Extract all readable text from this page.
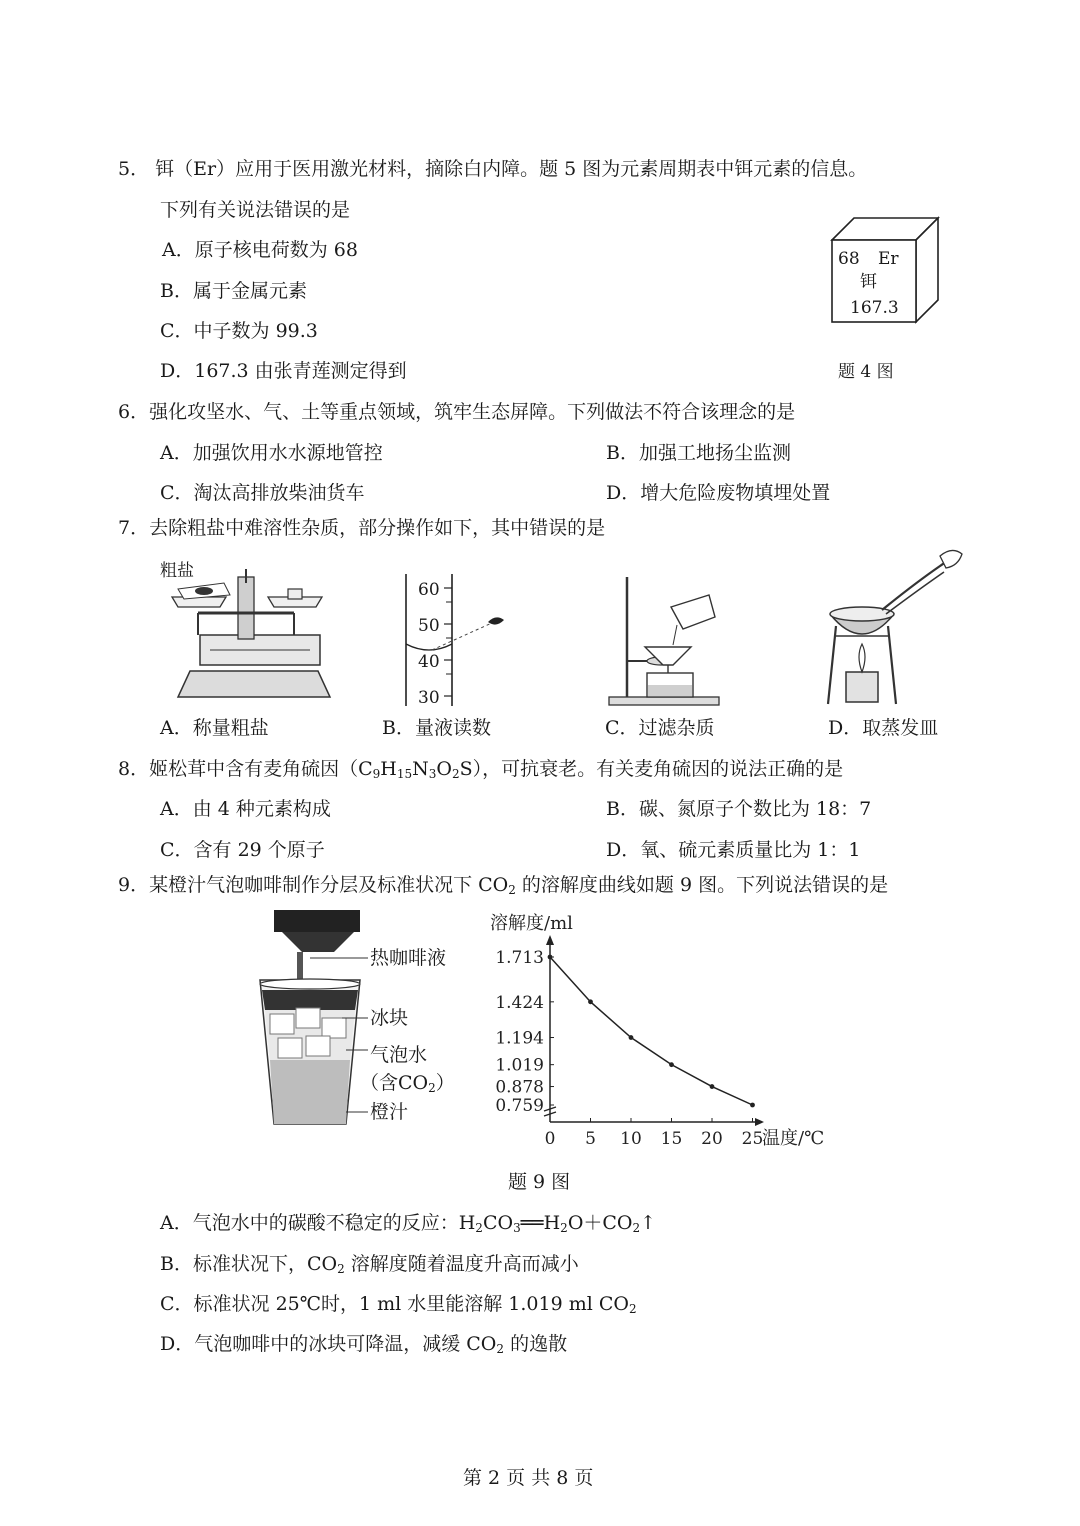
5． 铒（Er）应用于医用激光材料，摘除白内障。题 5 图为元素周期表中铒元素的信息。
下列有关说法错误的是
A．原子核电荷数为 68
B．属于金属元素
C．中子数为 99.3
D．167.3 由张青莲测定得到
68 Er
铒
167.3
题 4 图
6．强化攻坚水、气、土等重点领域，筑牢生态屏障。下列做法不符合该理念的是
A．加强饮用水水源地管控	B．加强工地扬尘监测
C．淘汰高排放柴油货车	D．增大危险废物填埋处置
7．去除粗盐中难溶性杂质，部分操作如下，其中错误的是
粗盐
60
50
40
30
A．称量粗盐	B．量液读数	C．过滤杂质	D．取蒸发皿
8．姬松茸中含有麦角硫因$(C_9H_{15}N_3O_2S)$，可抗衰老。有关麦角硫因的说法正确的是
A．由 4 种元素构成	B．碳、氮原子个数比为 18：7
C．含有 29 个原子	D．氧、硫元素质量比为 1：1
9．某橙汁气泡咖啡制作分层及标准状况下 $CO_2$ 的溶解度曲线如题 9 图。下列说法错误的是
热咖啡液
冰块
气泡水
（含$CO_2$）
橙汁
0 5 10 15 20 25
1.713
1.424
1.194
1.019
0.878
0.759
溶解度/ml
温度/℃
题 9 图
A．气泡水中的碳酸不稳定的反应：$H_2CO_3══H_2O+CO_2↑$
B．标准状况下，$CO_2$ 溶解度随着温度升高而减小
C．标准状况 25℃时，1 ml 水里能溶解 1.019 ml $CO_2$
D．气泡咖啡中的冰块可降温，减缓 $CO_2$ 的逸散
第 2 页 共 8 页
